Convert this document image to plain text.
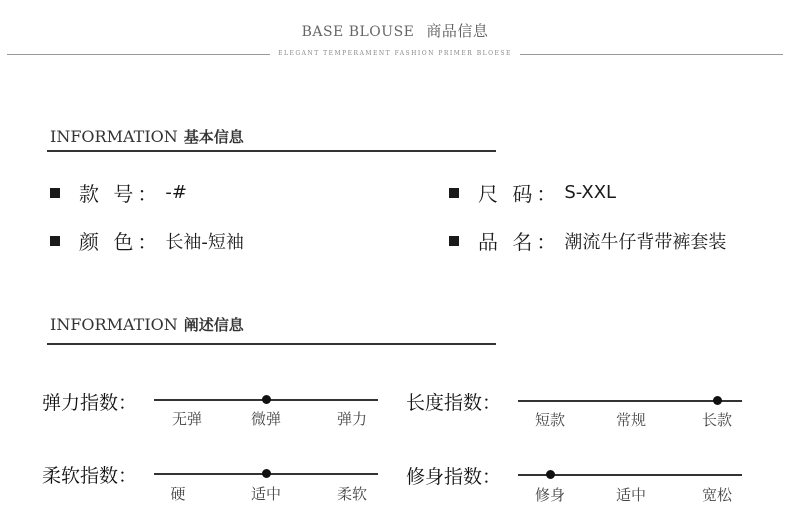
BASE BLOUSE 商品信息
ELEGANT TEMPERAMENT FASHION PRIMER BLOESE
INFORMATION 基本信息
款 号： -#	尺 码： S-XXL
颜 色： 长袖-短袖	品 名： 潮流牛仔背带裤套装
INFORMATION 阐述信息
弹力指数：
无弹	微弹	弹力
长度指数：
短款	常规	长款
柔软指数：
硬	适中	柔软
修身指数：
修身	适中	宽松
